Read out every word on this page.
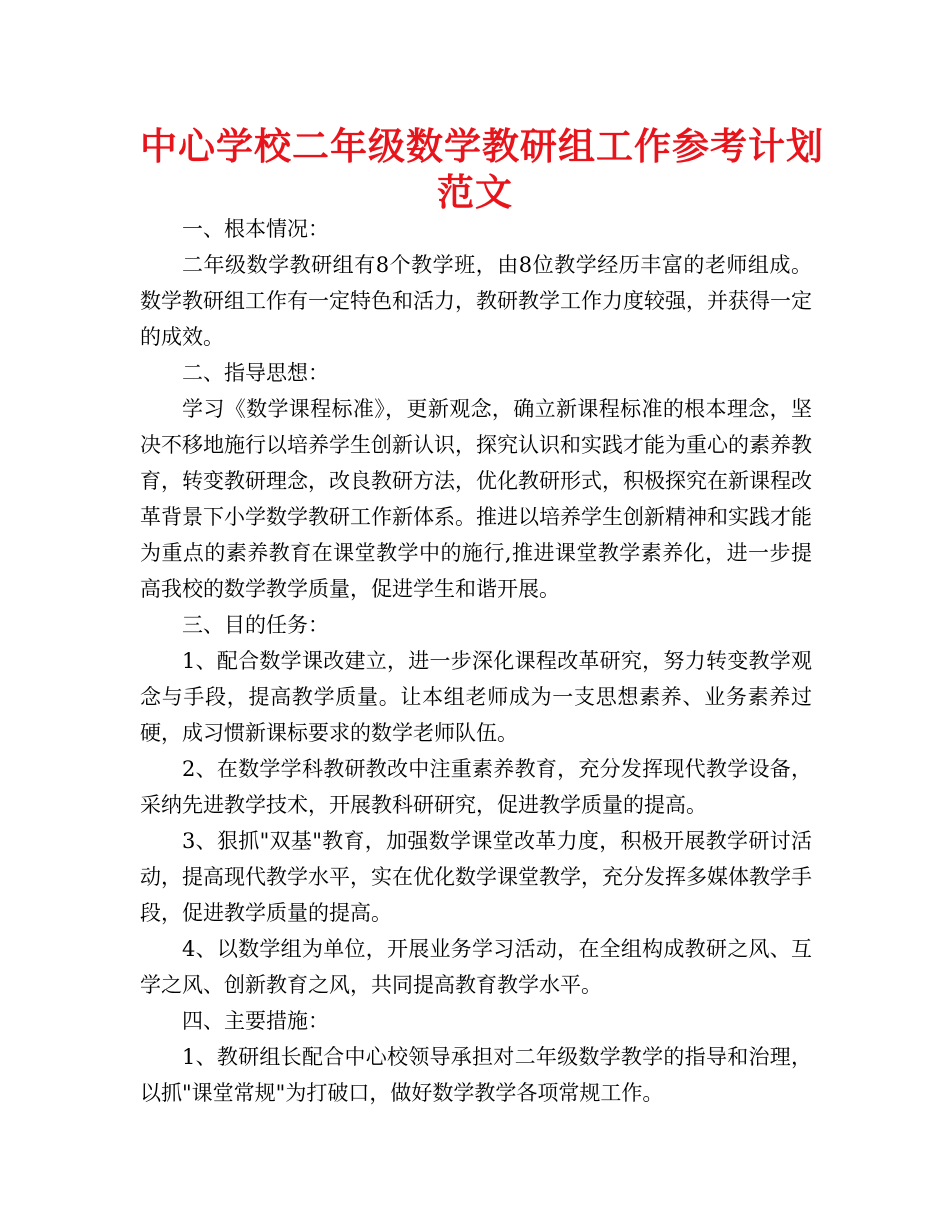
中心学校二年级数学教研组工作参考计划
范文

一、根本情况：

二年级数学教研组有8个教学班，由8位教学经历丰富的老师组成。数学教研组工作有一定特色和活力，教研教学工作力度较强，并获得一定的成效。

二、指导思想：

学习《数学课程标准》，更新观念，确立新课程标准的根本理念，坚决不移地施行以培养学生创新认识，探究认识和实践才能为重心的素养教育，转变教研理念，改良教研方法，优化教研形式，积极探究在新课程改革背景下小学数学教研工作新体系。推进以培养学生创新精神和实践才能为重点的素养教育在课堂教学中的施行,推进课堂教学素养化，进一步提高我校的数学教学质量，促进学生和谐开展。

三、目的任务：

1、配合数学课改建立，进一步深化课程改革研究，努力转变教学观念与手段，提高教学质量。让本组老师成为一支思想素养、业务素养过硬，成习惯新课标要求的数学老师队伍。

2、在数学学科教研教改中注重素养教育，充分发挥现代教学设备，采纳先进教学技术，开展教科研研究，促进教学质量的提高。

3、狠抓"双基"教育，加强数学课堂改革力度，积极开展教学研讨活动，提高现代教学水平，实在优化数学课堂教学，充分发挥多媒体教学手段，促进教学质量的提高。

4、以数学组为单位，开展业务学习活动，在全组构成教研之风、互学之风、创新教育之风，共同提高教育教学水平。

四、主要措施：

1、教研组长配合中心校领导承担对二年级数学教学的指导和治理，以抓"课堂常规"为打破口，做好数学教学各项常规工作。
